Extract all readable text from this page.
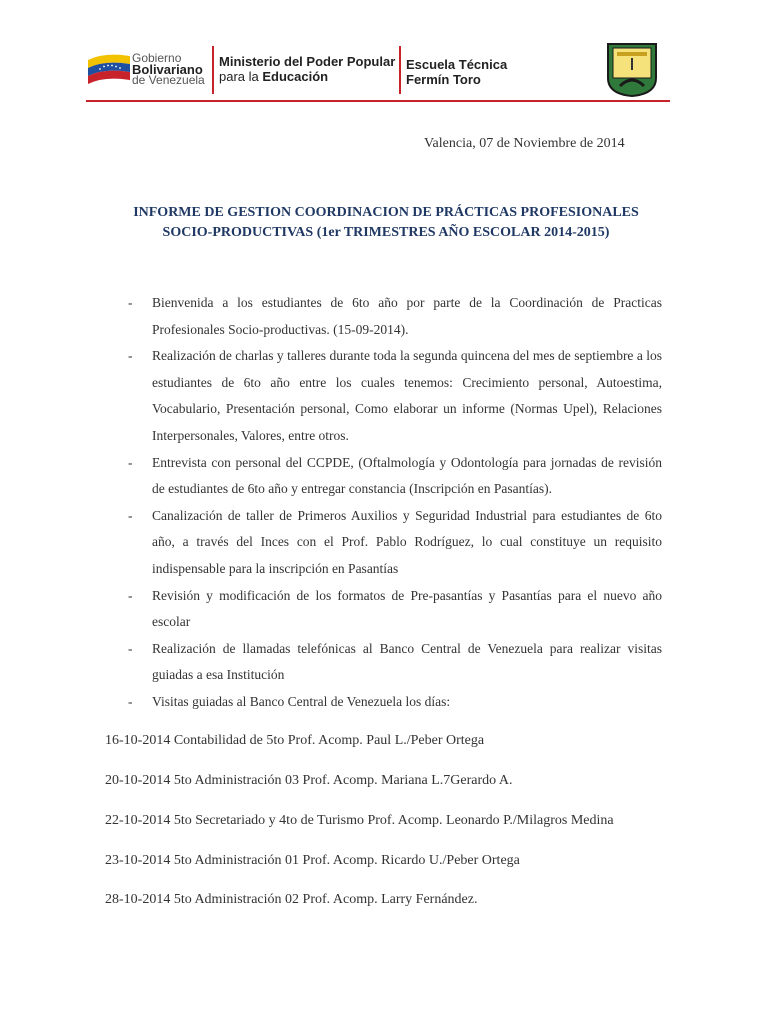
Gobierno
Bolivariano
de Venezuela
Ministerio del Poder Popular
para la Educación
Escuela Técnica
Fermín Toro
Valencia, 07 de Noviembre de 2014
INFORME DE GESTION COORDINACION DE PRÁCTICAS PROFESIONALES
SOCIO-PRODUCTIVAS (1er TRIMESTRES AÑO ESCOLAR 2014-2015)
- Bienvenida a los estudiantes de 6to año por parte de la Coordinación de Practicas Profesionales Socio-productivas. (15-09-2014).
- Realización de charlas y talleres durante toda la segunda quincena del mes de septiembre a los estudiantes de 6to año entre los cuales tenemos: Crecimiento personal, Autoestima, Vocabulario, Presentación personal, Como elaborar un informe (Normas Upel), Relaciones Interpersonales, Valores, entre otros.
- Entrevista con personal del CCPDE, (Oftalmología y Odontología para jornadas de revisión de estudiantes de 6to año y entregar constancia (Inscripción en Pasantías).
- Canalización de taller de Primeros Auxilios y Seguridad Industrial para estudiantes de 6to año, a través del Inces con el Prof. Pablo Rodríguez, lo cual constituye un requisito indispensable para la inscripción en Pasantías
- Revisión y modificación de los formatos de Pre-pasantías y Pasantías para el nuevo año escolar
- Realización de llamadas telefónicas al Banco Central de Venezuela para realizar visitas guiadas a esa Institución
- Visitas guiadas al Banco Central de Venezuela los días:
16-10-2014 Contabilidad de 5to Prof. Acomp. Paul L./Peber Ortega
20-10-2014 5to Administración 03 Prof. Acomp. Mariana L.7Gerardo A.
22-10-2014 5to Secretariado y 4to de Turismo Prof. Acomp. Leonardo P./Milagros Medina
23-10-2014 5to Administración 01 Prof. Acomp. Ricardo U./Peber Ortega
28-10-2014 5to Administración 02 Prof. Acomp. Larry Fernández.
